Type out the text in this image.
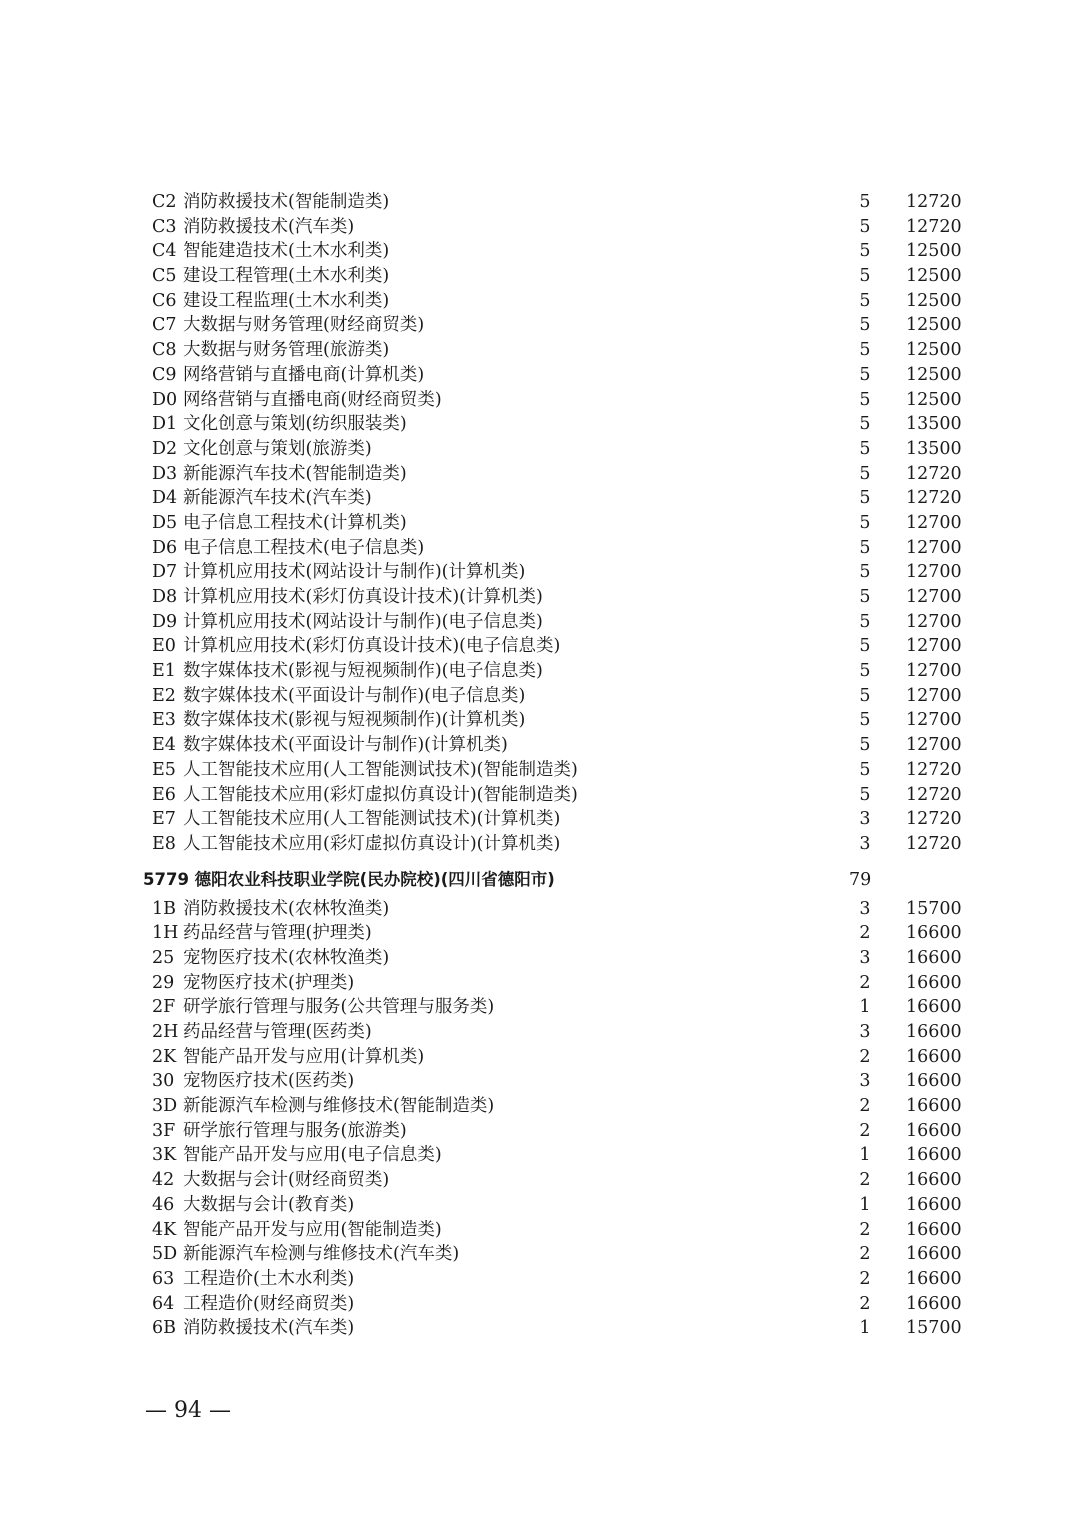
C2 消防救援技术(智能制造类)	5 12720
C3 消防救援技术(汽车类)	5 12720
C4 智能建造技术(土木水利类)	5 12500
C5 建设工程管理(土木水利类)	5 12500
C6 建设工程监理(土木水利类)	5 12500
C7 大数据与财务管理(财经商贸类)	5 12500
C8 大数据与财务管理(旅游类)	5 12500
C9 网络营销与直播电商(计算机类)	5 12500
D0 网络营销与直播电商(财经商贸类)	5 12500
D1 文化创意与策划(纺织服装类)	5 13500
D2 文化创意与策划(旅游类)	5 13500
D3 新能源汽车技术(智能制造类)	5 12720
D4 新能源汽车技术(汽车类)	5 12720
D5 电子信息工程技术(计算机类)	5 12700
D6 电子信息工程技术(电子信息类)	5 12700
D7 计算机应用技术(网站设计与制作)(计算机类)	5 12700
D8 计算机应用技术(彩灯仿真设计技术)(计算机类)	5 12700
D9 计算机应用技术(网站设计与制作)(电子信息类)	5 12700
E0 计算机应用技术(彩灯仿真设计技术)(电子信息类)	5 12700
E1 数字媒体技术(影视与短视频制作)(电子信息类)	5 12700
E2 数字媒体技术(平面设计与制作)(电子信息类)	5 12700
E3 数字媒体技术(影视与短视频制作)(计算机类)	5 12700
E4 数字媒体技术(平面设计与制作)(计算机类)	5 12700
E5 人工智能技术应用(人工智能测试技术)(智能制造类)	5 12720
E6 人工智能技术应用(彩灯虚拟仿真设计)(智能制造类)	5 12720
E7 人工智能技术应用(人工智能测试技术)(计算机类)	3 12720
E8 人工智能技术应用(彩灯虚拟仿真设计)(计算机类)	3 12720
5779 德阳农业科技职业学院(民办院校)(四川省德阳市)	79
1B 消防救援技术(农林牧渔类)	3 15700
1H 药品经营与管理(护理类)	2 16600
25 宠物医疗技术(农林牧渔类)	3 16600
29 宠物医疗技术(护理类)	2 16600
2F 研学旅行管理与服务(公共管理与服务类)	1 16600
2H 药品经营与管理(医药类)	3 16600
2K 智能产品开发与应用(计算机类)	2 16600
30 宠物医疗技术(医药类)	3 16600
3D 新能源汽车检测与维修技术(智能制造类)	2 16600
3F 研学旅行管理与服务(旅游类)	2 16600
3K 智能产品开发与应用(电子信息类)	1 16600
42 大数据与会计(财经商贸类)	2 16600
46 大数据与会计(教育类)	1 16600
4K 智能产品开发与应用(智能制造类)	2 16600
5D 新能源汽车检测与维修技术(汽车类)	2 16600
63 工程造价(土木水利类)	2 16600
64 工程造价(财经商贸类)	2 16600
6B 消防救援技术(汽车类)	1 15700
— 94 —
